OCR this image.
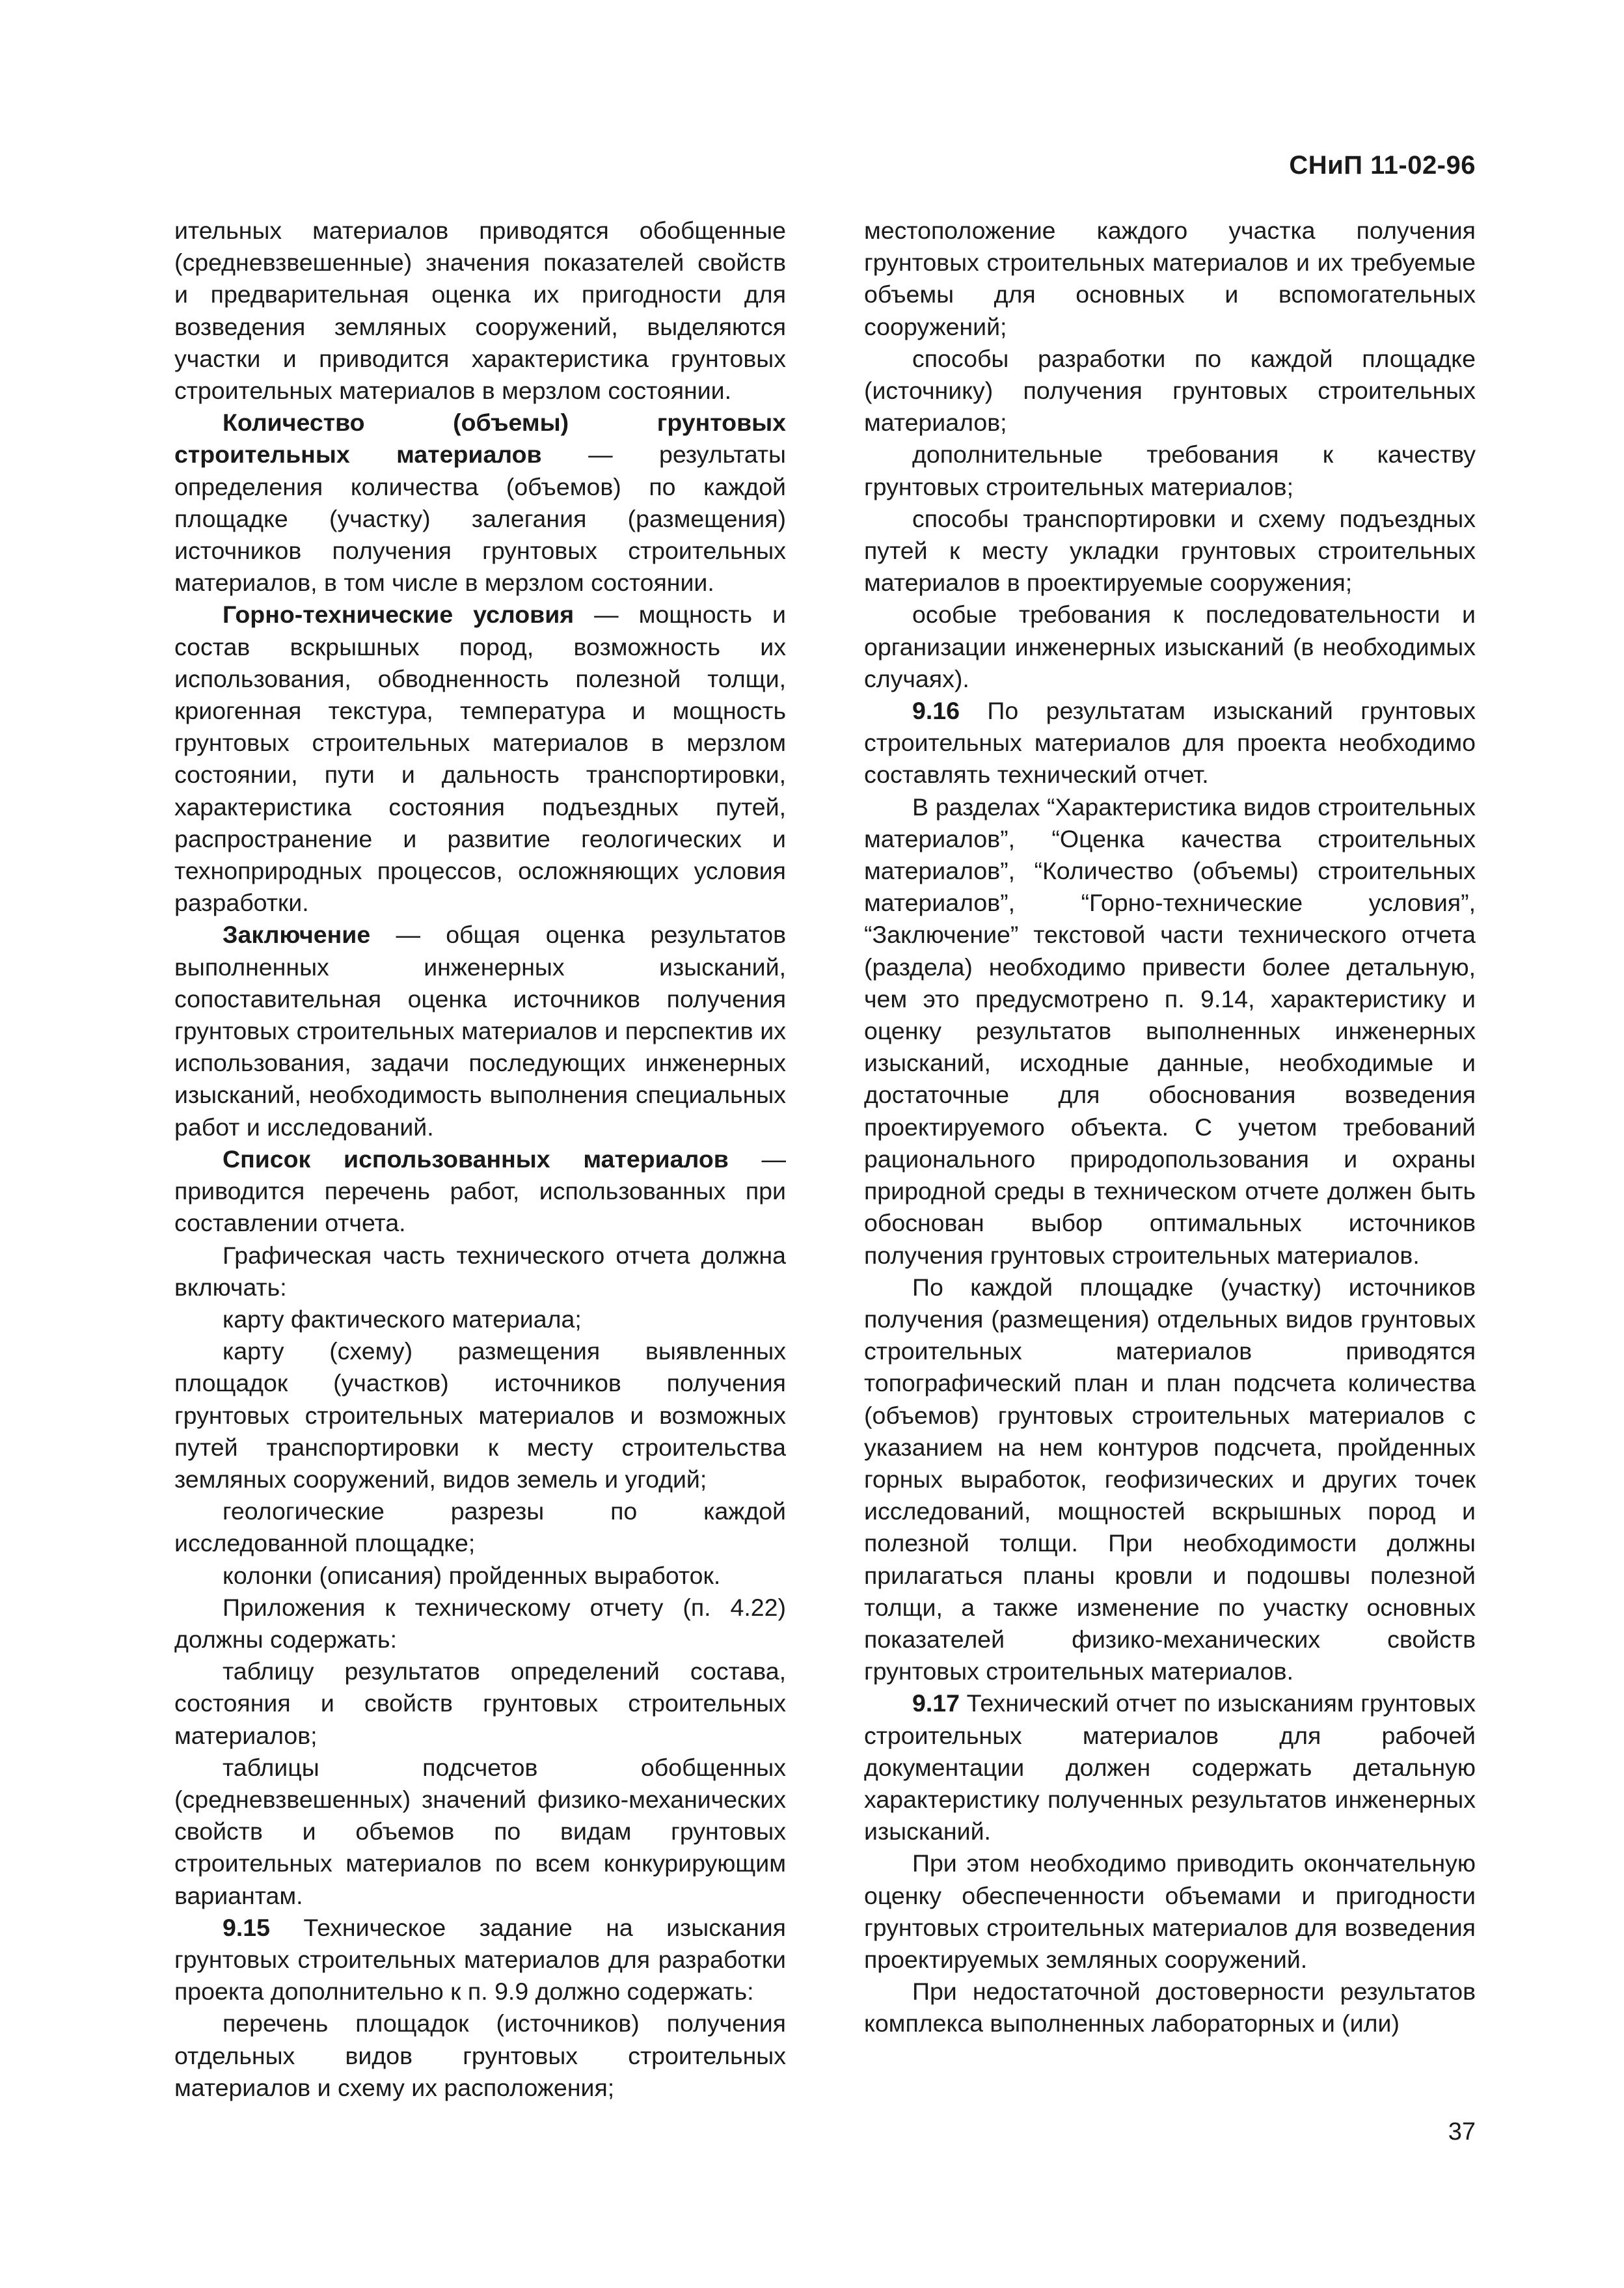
СНиП 11-02-96

ительных материалов приводятся обобщенные (средневзвешенные) значения показателей свойств и предварительная оценка их пригодности для возведения земляных сооружений, выделяются участки и приводится характеристика грунтовых строительных материалов в мерзлом состоянии.

Количество (объемы) грунтовых строительных материалов — результаты определения количества (объемов) по каждой площадке (участку) залегания (размещения) источников получения грунтовых строительных материалов, в том числе в мерзлом состоянии.

Горно-технические условия — мощность и состав вскрышных пород, возможность их использования, обводненность полезной толщи, криогенная текстура, температура и мощность грунтовых строительных материалов в мерзлом состоянии, пути и дальность транспортировки, характеристика состояния подъездных путей, распространение и развитие геологических и техноприродных процессов, осложняющих условия разработки.

Заключение — общая оценка результатов выполненных инженерных изысканий, сопоставительная оценка источников получения грунтовых строительных материалов и перспектив их использования, задачи последующих инженерных изысканий, необходимость выполнения специальных работ и исследований.

Список использованных материалов — приводится перечень работ, использованных при составлении отчета.

Графическая часть технического отчета должна включать:

карту фактического материала;

карту (схему) размещения выявленных площадок (участков) источников получения грунтовых строительных материалов и возможных путей транспортировки к месту строительства земляных сооружений, видов земель и угодий;

геологические разрезы по каждой исследованной площадке;

колонки (описания) пройденных выработок.

Приложения к техническому отчету (п. 4.22) должны содержать:

таблицу результатов определений состава, состояния и свойств грунтовых строительных материалов;

таблицы подсчетов обобщенных (средневзвешенных) значений физико-механических свойств и объемов по видам грунтовых строительных материалов по всем конкурирующим вариантам.

9.15 Техническое задание на изыскания грунтовых строительных материалов для разработки проекта дополнительно к п. 9.9 должно содержать:

перечень площадок (источников) получения отдельных видов грунтовых строительных материалов и схему их расположения;

местоположение каждого участка получения грунтовых строительных материалов и их требуемые объемы для основных и вспомогательных сооружений;

способы разработки по каждой площадке (источнику) получения грунтовых строительных материалов;

дополнительные требования к качеству грунтовых строительных материалов;

способы транспортировки и схему подъездных путей к месту укладки грунтовых строительных материалов в проектируемые сооружения;

особые требования к последовательности и организации инженерных изысканий (в необходимых случаях).

9.16 По результатам изысканий грунтовых строительных материалов для проекта необходимо составлять технический отчет.

В разделах “Характеристика видов строительных материалов”, “Оценка качества строительных материалов”, “Количество (объемы) строительных материалов”, “Горно-технические условия”, “Заключение” текстовой части технического отчета (раздела) необходимо привести более детальную, чем это предусмотрено п. 9.14, характеристику и оценку результатов выполненных инженерных изысканий, исходные данные, необходимые и достаточные для обоснования возведения проектируемого объекта. С учетом требований рационального природопользования и охраны природной среды в техническом отчете должен быть обоснован выбор оптимальных источников получения грунтовых строительных материалов.

По каждой площадке (участку) источников получения (размещения) отдельных видов грунтовых строительных материалов приводятся топографический план и план подсчета количества (объемов) грунтовых строительных материалов с указанием на нем контуров подсчета, пройденных горных выработок, геофизических и других точек исследований, мощностей вскрышных пород и полезной толщи. При необходимости должны прилагаться планы кровли и подошвы полезной толщи, а также изменение по участку основных показателей физико-механических свойств грунтовых строительных материалов.

9.17 Технический отчет по изысканиям грунтовых строительных материалов для рабочей документации должен содержать детальную характеристику полученных результатов инженерных изысканий.

При этом необходимо приводить окончательную оценку обеспеченности объемами и пригодности грунтовых строительных материалов для возведения проектируемых земляных сооружений.

При недостаточной достоверности результатов комплекса выполненных лабораторных и (или)

37
